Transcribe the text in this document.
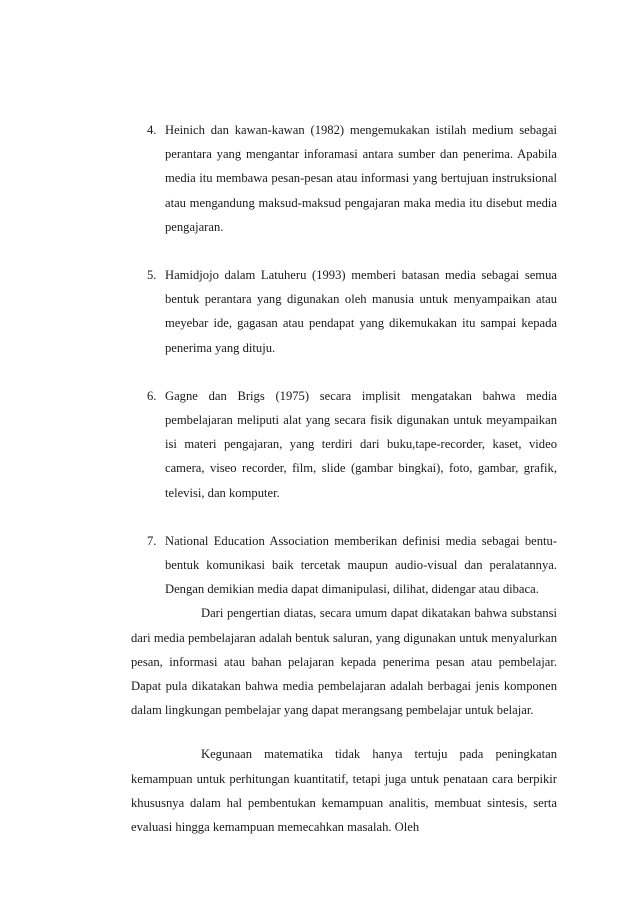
4. Heinich dan kawan-kawan (1982) mengemukakan istilah medium sebagai perantara yang mengantar inforamasi antara sumber dan penerima. Apabila media itu membawa pesan-pesan atau informasi yang bertujuan instruksional atau mengandung maksud-maksud pengajaran maka media itu disebut media pengajaran.
5. Hamidjojo dalam Latuheru (1993) memberi batasan media sebagai semua bentuk perantara yang digunakan oleh manusia untuk menyampaikan atau meyebar ide, gagasan atau pendapat yang dikemukakan itu sampai kepada penerima yang dituju.
6. Gagne dan Brigs (1975) secara implisit mengatakan bahwa media pembelajaran meliputi alat yang secara fisik digunakan untuk meyampaikan isi materi pengajaran, yang terdiri dari buku,tape-recorder, kaset, video camera, viseo recorder, film, slide (gambar bingkai), foto, gambar, grafik, televisi, dan komputer.
7. National Education Association memberikan definisi media sebagai bentu-bentuk komunikasi baik tercetak maupun audio-visual dan peralatannya. Dengan demikian media dapat dimanipulasi, dilihat, didengar atau dibaca.

Dari pengertian diatas, secara umum dapat dikatakan bahwa substansi dari media pembelajaran adalah bentuk saluran, yang digunakan untuk menyalurkan pesan, informasi atau bahan pelajaran kepada penerima pesan atau pembelajar. Dapat pula dikatakan bahwa media pembelajaran adalah berbagai jenis komponen dalam lingkungan pembelajar yang dapat merangsang pembelajar untuk belajar.

Kegunaan matematika tidak hanya tertuju pada peningkatan kemampuan untuk perhitungan kuantitatif, tetapi juga untuk penataan cara berpikir khususnya dalam hal pembentukan kemampuan analitis, membuat sintesis, serta evaluasi hingga kemampuan memecahkan masalah. Oleh
